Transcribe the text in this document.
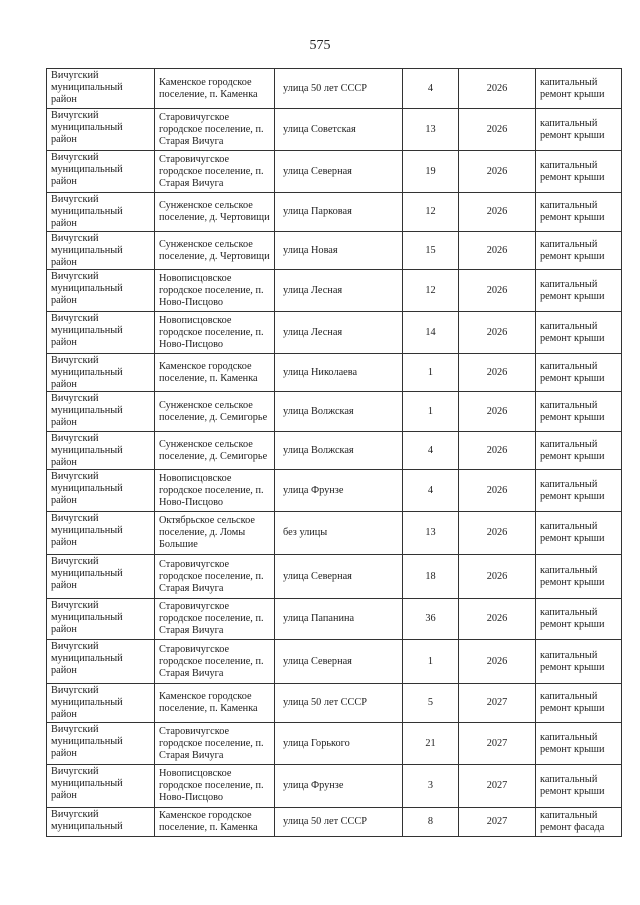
575
Вичугский муниципальный район	Каменское городское поселение, п. Каменка	улица 50 лет СССР	4	2026	капитальный ремонт крыши
Вичугский муниципальный район	Старовичугское городское поселение, п. Старая Вичуга	улица Советская	13	2026	капитальный ремонт крыши
Вичугский муниципальный район	Старовичугское городское поселение, п. Старая Вичуга	улица Северная	19	2026	капитальный ремонт крыши
Вичугский муниципальный район	Сунженское сельское поселение, д. Чертовищи	улица Парковая	12	2026	капитальный ремонт крыши
Вичугский муниципальный район	Сунженское сельское поселение, д. Чертовищи	улица Новая	15	2026	капитальный ремонт крыши
Вичугский муниципальный район	Новописцовское городское поселение, п. Ново-Писцово	улица Лесная	12	2026	капитальный ремонт крыши
Вичугский муниципальный район	Новописцовское городское поселение, п. Ново-Писцово	улица Лесная	14	2026	капитальный ремонт крыши
Вичугский муниципальный район	Каменское городское поселение, п. Каменка	улица Николаева	1	2026	капитальный ремонт крыши
Вичугский муниципальный район	Сунженское сельское поселение, д. Семигорье	улица Волжская	1	2026	капитальный ремонт крыши
Вичугский муниципальный район	Сунженское сельское поселение, д. Семигорье	улица Волжская	4	2026	капитальный ремонт крыши
Вичугский муниципальный район	Новописцовское городское поселение, п. Ново-Писцово	улица Фрунзе	4	2026	капитальный ремонт крыши
Вичугский муниципальный район	Октябрьское сельское поселение, д. Ломы Большие	без улицы	13	2026	капитальный ремонт крыши
Вичугский муниципальный район	Старовичугское городское поселение, п. Старая Вичуга	улица Северная	18	2026	капитальный ремонт крыши
Вичугский муниципальный район	Старовичугское городское поселение, п. Старая Вичуга	улица Папанина	36	2026	капитальный ремонт крыши
Вичугский муниципальный район	Старовичугское городское поселение, п. Старая Вичуга	улица Северная	1	2026	капитальный ремонт крыши
Вичугский муниципальный район	Каменское городское поселение, п. Каменка	улица 50 лет СССР	5	2027	капитальный ремонт крыши
Вичугский муниципальный район	Старовичугское городское поселение, п. Старая Вичуга	улица Горького	21	2027	капитальный ремонт крыши
Вичугский муниципальный район	Новописцовское городское поселение, п. Ново-Писцово	улица Фрунзе	3	2027	капитальный ремонт крыши
Вичугский муниципальный	Каменское городское поселение, п. Каменка	улица 50 лет СССР	8	2027	капитальный ремонт фасада
